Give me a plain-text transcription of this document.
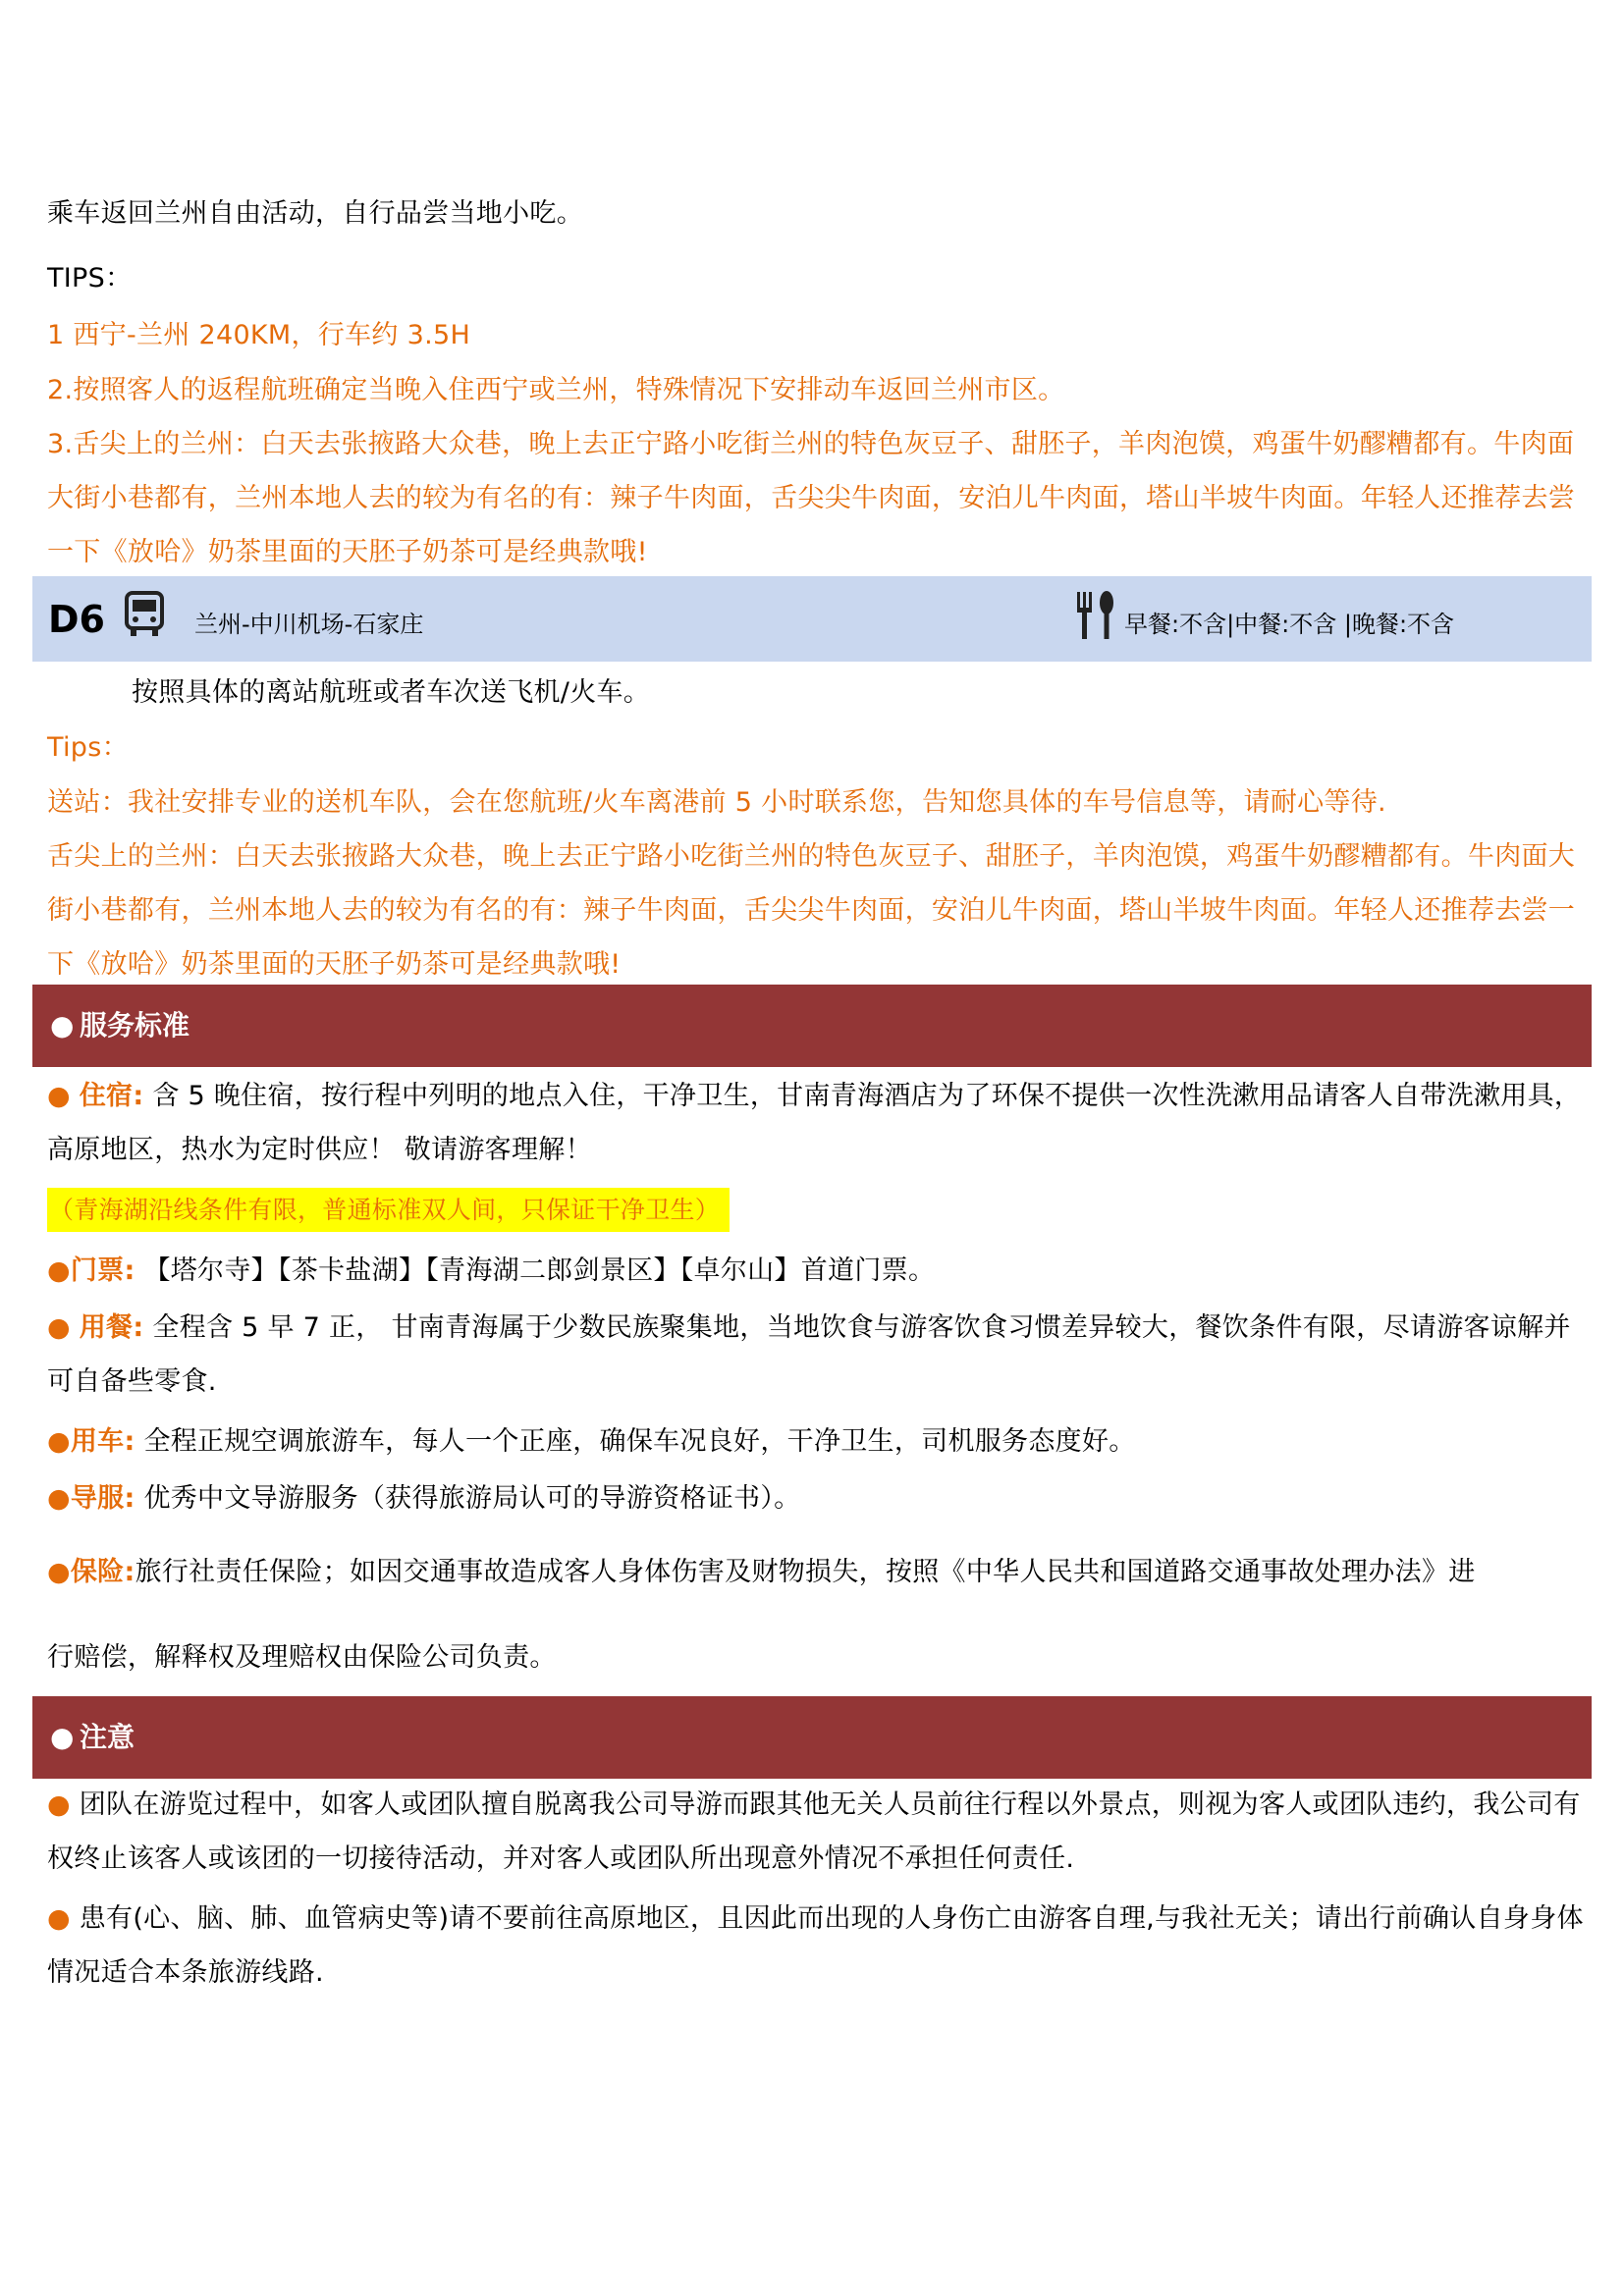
乘车返回兰州自由活动，自行品尝当地小吃。
TIPS：
1 西宁-兰州 240KM，行车约 3.5H
2.按照客人的返程航班确定当晚入住西宁或兰州，特殊情况下安排动车返回兰州市区。
3.舌尖上的兰州：白天去张掖路大众巷，晚上去正宁路小吃街兰州的特色灰豆子、甜胚子，羊肉泡馍，鸡蛋牛奶醪糟都有。牛肉面大街小巷都有，兰州本地人去的较为有名的有：辣子牛肉面，舌尖尖牛肉面，安泊儿牛肉面，塔山半坡牛肉面。年轻人还推荐去尝一下《放哈》奶茶里面的天胚子奶茶可是经典款哦!
D6	兰州-中川机场-石家庄	早餐:不含|中餐:不含 |晚餐:不含
按照具体的离站航班或者车次送飞机/火车。
Tips：
送站：我社安排专业的送机车队，会在您航班/火车离港前 5 小时联系您，告知您具体的车号信息等，请耐心等待.
舌尖上的兰州：白天去张掖路大众巷，晚上去正宁路小吃街兰州的特色灰豆子、甜胚子，羊肉泡馍，鸡蛋牛奶醪糟都有。牛肉面大街小巷都有，兰州本地人去的较为有名的有：辣子牛肉面，舌尖尖牛肉面，安泊儿牛肉面，塔山半坡牛肉面。年轻人还推荐去尝一下《放哈》奶茶里面的天胚子奶茶可是经典款哦!
● 服务标准
● 住宿: 含 5 晚住宿，按行程中列明的地点入住，干净卫生，甘南青海酒店为了环保不提供一次性洗漱用品请客人自带洗漱用具，高原地区，热水为定时供应！ 敬请游客理解！
（青海湖沿线条件有限，普通标准双人间，只保证干净卫生）
●门票: 【塔尔寺】【茶卡盐湖】【青海湖二郎剑景区】【卓尔山】首道门票。
● 用餐: 全程含 5 早 7 正， 甘南青海属于少数民族聚集地，当地饮食与游客饮食习惯差异较大，餐饮条件有限，尽请游客谅解并可自备些零食.
●用车: 全程正规空调旅游车，每人一个正座，确保车况良好，干净卫生，司机服务态度好。
●导服: 优秀中文导游服务（获得旅游局认可的导游资格证书）。
●保险:旅行社责任保险；如因交通事故造成客人身体伤害及财物损失，按照《中华人民共和国道路交通事故处理办法》进
行赔偿，解释权及理赔权由保险公司负责。
● 注意
● 团队在游览过程中，如客人或团队擅自脱离我公司导游而跟其他无关人员前往行程以外景点，则视为客人或团队违约，我公司有权终止该客人或该团的一切接待活动，并对客人或团队所出现意外情况不承担任何责任.
● 患有(心、脑、肺、血管病史等)请不要前往高原地区，且因此而出现的人身伤亡由游客自理,与我社无关；请出行前确认自身身体情况适合本条旅游线路.
